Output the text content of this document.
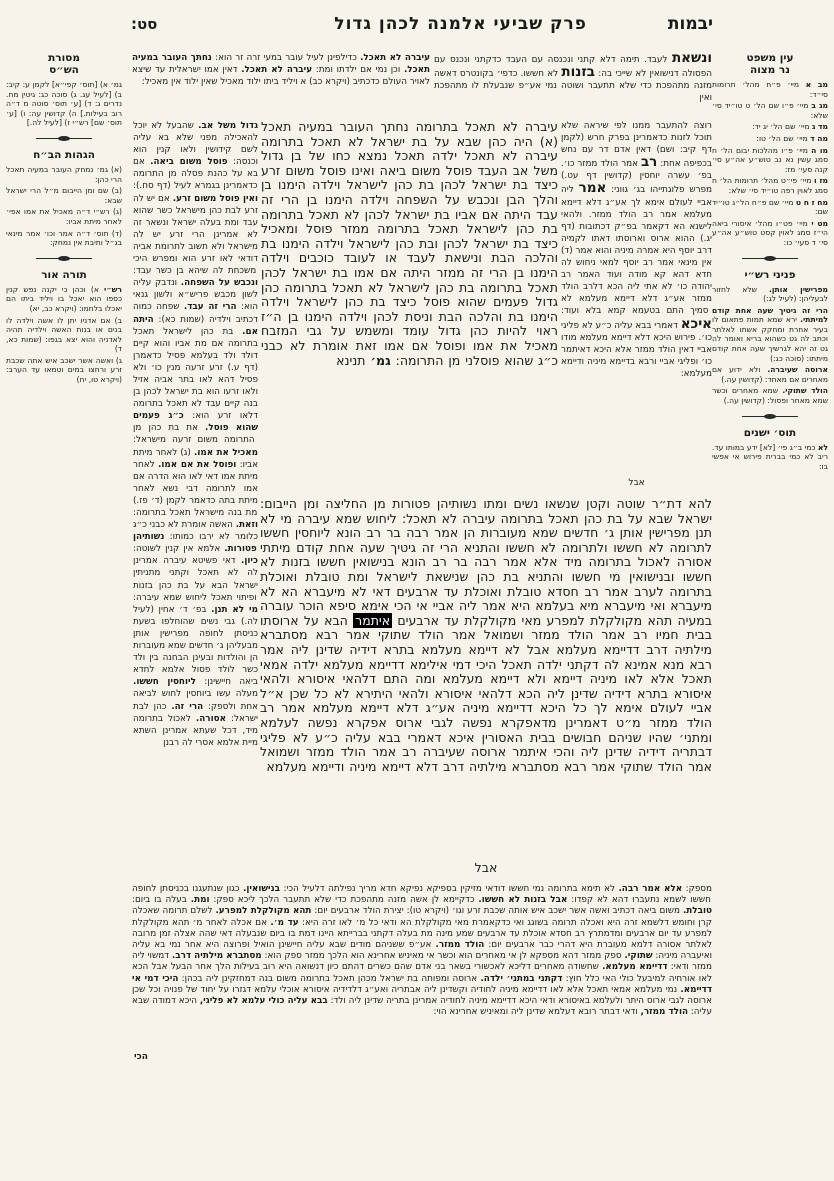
יבמות
פרק שביעי אלמנה לכהן גדול
סט:
עין משפט
נר מצוה
מב א מיי׳ פ״ח מהל׳ תרומות סי״ד:
מג ב מיי׳ פ״ו שם הל׳ ט טו״יד סי׳ שלא:
מד ג מיי׳ שם הל׳ יג יד:
מה ד מיי׳ שם הל׳ טו:
מו ה מיי׳ פ״ו מהלכות יבום הל׳ ח סמג עשין נא נב טוש״ע אה״ע סי׳ קנה סעי׳ מז:
מז ו מיי׳ פי״ט מהל׳ תרומות הל׳ ח סמג לאוין רפה טו״יד סי׳ שלא:
מח ז ח ט מיי׳ שם פ״ח הל״ג טו״יד שם:
מט י מיי׳ פט״ו מהל׳ איסורי ביאה הי״ז סמג לאוין קסט טוש״ע אה״ע סי׳ ד סעי׳ כו:
פניני רש״י
מפרישין אותן. שלא לחזור לבעליהן: (לעיל לג:)
הרי זה גיטיך שעה אחת קודם למיתתי. ירא שמא תמות פתאום לו בעיר אחרת ומחקק אשתו לאלתר וכתב לה גט כשהוא בריא ואומר לה גט זה יהא לגרשיך שעה אחת קודם מיתתו: (סוכה כג:)
ארוסה שעיברה. ולא ידוע אם מאחרים אם מאחד: (קדושין עה.)
הולד שתוקי. שמא מאחרים וכשר שמא מאחר ופסול: (קדושין עה.)
תוס׳ ישנים
לא כמי ב״ג פי׳ [לא] ידע במותו עד. ריב לא כמי בברית פירוש אי אפשי בו:
מסורת
הש״ס
גמ׳ א) [תוס׳ קפי״א] לקמן ע: קיב: ב) [לעיל עג. ג) סוכה כג: גיטין מח. נדרים ג: ד) [ע׳ תוס׳ סוטה מ ד״ה רוב בעילות.] ה) קדושין עה: ו) [ע׳ תוס׳ שם] רש״י ז) [לעיל לה.]
הגהות הב״ח
(א) גמ׳ נמחק העובר במעיה תאכל הרי כהן:
(ב) שם ומן הייבום מ״ל הרי ישראל שבא:
(ג) רש״י ד״ה מאכיל את אמו אפי׳ לאחר מיתת אביו:
(ד) תוס׳ ד״ה אמר וכו׳ אמר מינאי בג״ל ותיבת אין נמחק:
תורה אור
רש״י א) וכהן כי יקנה נפש קנין כספו הוא יאכל בו ויליד ביתו הם יאכלו בלחמו: (ויקרא כב, יא)
ב) אם אדניו יתן לו אשה וילדה לו בנים או בנות האשה וילדיה תהיה לאדניה והוא יצא בגפו: (שמות כא, ד)
ג) ואשה אשר ישכב איש אתה שכבת זרע ורחצו במים וטמאו עד הערב: (ויקרא טו, יח)
עיברה לא תאכל. כדילפינן לעיל עובר במעי זרה זר הוא: נחתך העובר במעיה תאכל. וכן נמי אם ילדתו ומת: עיברה לא תאכל. דאין אמו ישראלית עד שיצא לאויר העולם כדכתיב (ויקרא כב) א ויליד ביתו ילוד מאכיל שאין ילוד אין מאכיל:
ונשאת לעבד. תימה דלא קתני ונכנסה עם העבד כדקתני ונכנס עם הפסולה דנישואין לא שייכי בה: בזנות לא חששו. כדפי׳ בקונטרס דאשה מזנה מתהפכת כדי שלא תתעבר ושוטה נמי אע״פ שנבעלת לו מתהפכת ואין
גדול משל אב. שהבעל לא יוכל להאכילה מפני שלא בא עליה לשם קידושין ולאו קנין הוא וכנסה: פוסל משום ביאה. אם בא על כהנת פסלה מן התרומה כדאמרינן בגמרא לעיל (דף סח.): ואין פוסל משום זרע. אם יש לה זרע לבת כהן מישראל כשר שהוא עבד ומת בעלה ישראל ונשאר זה לא אמרינן הרי זרע יש לה מישראל ולא תשוב לתרומת אביה דודאי לאו זרע הוא ומפרש היכי משכחת לה שיהא בן כשר עבד: ונכבש על השפחה. ונדבק עליה לשון מכבש פריש״א ולשון גנאי הוא: הרי זה עבד. שפחה כמוה דכתיב וילדיה (שמות כא): היתה אם. בת כהן לישראל תאכל בתרומה אם מת אביו והוא קיים דולד ולד בעלמא פסיל כדאמרן (דף ע.) זרע זרעה מנין כו׳ ולא פסיל דהא לאו בתר אביה אזיל ולאו זרעו הוא בת ישראל לכהן בן בנה קיים עבד לא תאכל בתרומה דלאו זרע הוא: כ״ג פעמים שהוא פוסל. את בת כהן מן התרומה משום זרעה מישראל: מאכיל את אמו. (ג) לאחר מיתת אביו: ופוסל את אם אמו. לאחר מיתת אמו דאי לאו הוא הדרה אם אמו לתרומה דבי נשא לאחר מיתת בתה כדאמר לקמן (ד׳ פז.) מת בנה מישראל תאכל בתרומה: וזאת. האשה אומרת לא כבני כ״ג כלומר לא ירבו כמותו: נשותיהן פטורות. אלמא אין קנין לשוטה: כיון. דאי פשיטא עיברה אמרינן לה לא תאכל וקתני מתניתין ישראל הבא על בת כהן בזנות ופיתוי תאכל ליחוש שמא עיברה: מי לא תנן. בפ׳ ד׳ אחין (לעיל לה.) גבי נשים שהוחלפו בשעת כניסתן לחופה מפרישין אותן מבעליהן ג׳ חדשים שמא מעוברות הן והולדות ובעינן הבחנה בין ולד כשר לולד פסול אלמא לחדא ביאה חיישינן: ליוחסין חששו. מעלה עשו ביוחסין לחוש לביאה אחת ולספק: הרי זה. כהן לבת ישראל: אסורה. לאכול בתרומה מיד, דכל שעתא אמרינן השתא מיית אלמא אסרי לה רבנן
עיברה לא תאכל בתרומה נחתך העובר במעיה תאכל (א) היה כהן שבא על בת ישראל לא תאכל בתרומה עיברה לא תאכל ילדה תאכל נמצא כחו של בן גדול משל אב העבד פוסל משום ביאה ואינו פוסל משום זרע כיצד בת ישראל לכהן בת כהן לישראל וילדה הימנו בן והלך הבן ונכבש על השפחה וילדה הימנו בן הרי זה עבד היתה אם אביו בת ישראל לכהן לא תאכל בתרומה בת כהן לישראל תאכל בתרומה ממזר פוסל ומאכיל כיצד בת ישראל לכהן ובת כהן לישראל וילדה הימנו בת והלכה הבת ונישאת לעבד או לעובד כוכבים וילדה הימנו בן הרי זה ממזר היתה אם אמו בת ישראל לכהן תאכל בתרומה בת כהן לישראל לא תאכל בתרומה כהן גדול פעמים שהוא פוסל כיצד בת כהן לישראל וילדה הימנו בת והלכה הבת וניסת לכהן וילדה הימנו בן ה״ז ראוי להיות כהן גדול עומד ומשמש על גבי המזבח מאכיל את אמו ופוסל אם אמו זאת אומרת לא כבני כ״ג שהוא פוסלני מן התרומה: גמ׳ תנינא
רוצה להתעבר ממנו לפי שיראה שלא תוכל לזנות כדאמרינן בפרק חרש (לקמן דף קיב: ושם) דאין אדם דר עם נחש בכפיפה אחת: רב אמר הולד ממזר כו׳. בפ׳ עשרה יוחסין (קדושין דף עט.) מפרש פלוגתייהו בג׳ גווני: אמר ליה אביי לעולם אימא לך אע״ג דלא דיימא מעלמא אמר רב הולד ממזר. ולהאי לישנא הא דקאמר בפ״ק דכתובות (דף יג.) ההוא ארוס וארוסתו דאתו לקמיה דרב יוסף היא אמרה מיניה והוא אמר (ד) אין מינאי אמר רב יוסף למאי ניחוש לה חדא דהא קא מודה ועוד האמר רב יהודה כו׳ לא אתי ליה הכא דלרב הולד ממזר אע״ג דלא דיימא מעלמא לא סמיך התם בטעמא קמא בלא ועוד: איכא דאמרי בבא עליה כ״ע לא פליגי כו׳. פירוש היכא דלא דיימא מעלמא מודו אביי דאין הולד ממזר אלא היכא דאיתמר כו׳ ופליגי אביי ורבא בדיימא מיניה ודיימא מעלמא:
אבל
להא דת״ר שוטה וקטן שנשאו נשים ומתו נשותיהן פטורות מן החליצה ומן הייבום: ישראל שבא על בת כהן תאכל בתרומה עיברה לא תאכל: ליחוש שמא עיברה מי לא תנן מפרישין אותן ג׳ חדשים שמא מעוברות הן אמר רבה בר רב הונא ליוחסין חששו לתרומה לא חששו ולתרומה לא חששו והתניא הרי זה גיטיך שעה אחת קודם מיתתי אסורה לאכול בתרומה מיד אלא אמר רבה בר רב הונא בנישואין חששו בזנות לא חששו ובנישואין מי חששו והתניא בת כהן שנישאת לישראל ומת טובלת ואוכלת בתרומה לערב אמר רב חסדא טובלת ואוכלת עד ארבעים דאי לא מיעברא הא לא מיעברא ואי מיעברא מיא בעלמא היא אמר ליה אביי אי הכי אימא סיפא הוכר עוברה במעיה תהא מקולקלת למפרע מאי מקולקלת עד ארבעים איתמר הבא על ארוסתו בבית חמיו רב אמר הולד ממזר ושמואל אמר הולד שתוקי אמר רבא מסתברא מילתיה דרב דדיימא מעלמא אבל לא דיימא מעלמא בתרא דידיה שדינן ליה אמר רבא מנא אמינא לה דקתני ילדה תאכל היכי דמי אילימא דדיימא מעלמא ילדה אמאי תאכל אלא לאו מיניה דיימא ולא דיימא מעלמא ומה התם דלהאי איסורא ולהאי איסורא בתרא דידיה שדינן ליה הכא דלהאי איסורא ולהאי היתירא לא כל שכן א״ל אביי לעולם אימא לך כל היכא דדיימא מיניה אע״ג דלא דיימא מעלמא אמר רב הולד ממזר מ״ט דאמרינן מדאפקרא נפשה לגבי ארוס אפקרא נפשה לעלמא ומתני׳ שהיו שניהם חבושים בבית האסורין איכא דאמרי בבא עליה כ״ע לא פליגי דבתריה דידיה שדינן ליה והכי איתמר ארוסה שעיברה רב אמר הולד ממזר ושמואל אמר הולד שתוקי אמר רבא מסתברא מילתיה דרב דלא דיימא מיניה ודיימא מעלמא
אבל
מספק: אלא אמר רבה. לא תימא בתרומה נמי חששו דודאי מזיקין בספיקא נפיקא חדא מריך נפילתה דלעיל הכי: בנישואין. כגון שנתעגנו בכניסתן לחופה חששו לשמא נתעברו דהא לא קפדו: אבל בזנות לא חששו. כדקיימא לן אשה מזנה מתהפכת כדי שלא תתעבר הלכך ליכא ספק: ומת. בעלה בו ביום: טובלת. משום ביאה דכתיב ואשה אשר ישכב איש אותה שכבת זרע וגו׳ (ויקרא טו): יצירת הולד ארבעים יום: תהא מקולקלת למפרע. לשלם תרומה שאכלה קרן וחומש דלשמא זרה היא ואכלה תרומה בשוגג ואי כדקאמרת מאי מקולקלת הא ודאי כל מ׳ לאו זרה היא: עד מ׳. אם אכלה לאחר מ׳ תהא מקולקלת למפרע עד יום ארבעים ומדמתרץ רב חסדא אוכלת עד ארבעים שמע מינה מת בעלה דקתני בברייתא היינו דמת בו ביום שנבעלה דאי שהה אצלה זמן מרובה לאלתר אסורה דלמא מעוברת היא דהרי כבר ארבעים יום: הולד ממזר. אע״פ ששניהם מודים שבא עליה חיישינן הואיל ופרוצה היא אחר נמי בא עליה ואיעברה מיניה: שתוקי. ספק ממזר דהא מספקא לן אי מאחרים הוא וכשר אי מאיניש אחרינא הוא הלכך ממזר ספק הוא: מסתברא מילתיה דרב. דמשוי ליה ממזר ודאי: דדיימא מעלמא. שחשודה מאחרים דליכא לאכשורי בשאר בני אדם שהם כשרים דהתם כיון דנשואה היא רוב בעילות הלך אחר הבעל אבל הכא לאו אורחיה למיבעל כולי האי כלל חוץ: דקתני במתני׳ ילדה. ארוסה ומפותה בת ישראל מכהן תאכל בתרומה משום בנה דמחזקינן ליה בכהן: היכי דמי אי דדיימא. נמי מעלמא אמאי תאכל אלא לאו דדיימא מיניה לחודיה וקשדינן ליה אבתריה ואע״ג דלדידיה איסורא אוכלי עלמא דגזרו על יחוד של פנויה וכל שכן ארוסה לגבי ארוס היתר ולעלמא באיסורא ודאי היכא דדיימא מיניה לחודיה אמרינן בתריה שדינן ליה ולד: בבא עליה כולי עלמא לא פליגי, היכא דמודה שבא עליה: הולד ממזר, ודאי דבתר רובא דעלמא שדינן ליה ומאיניש אחרינא הוי:
הכי
